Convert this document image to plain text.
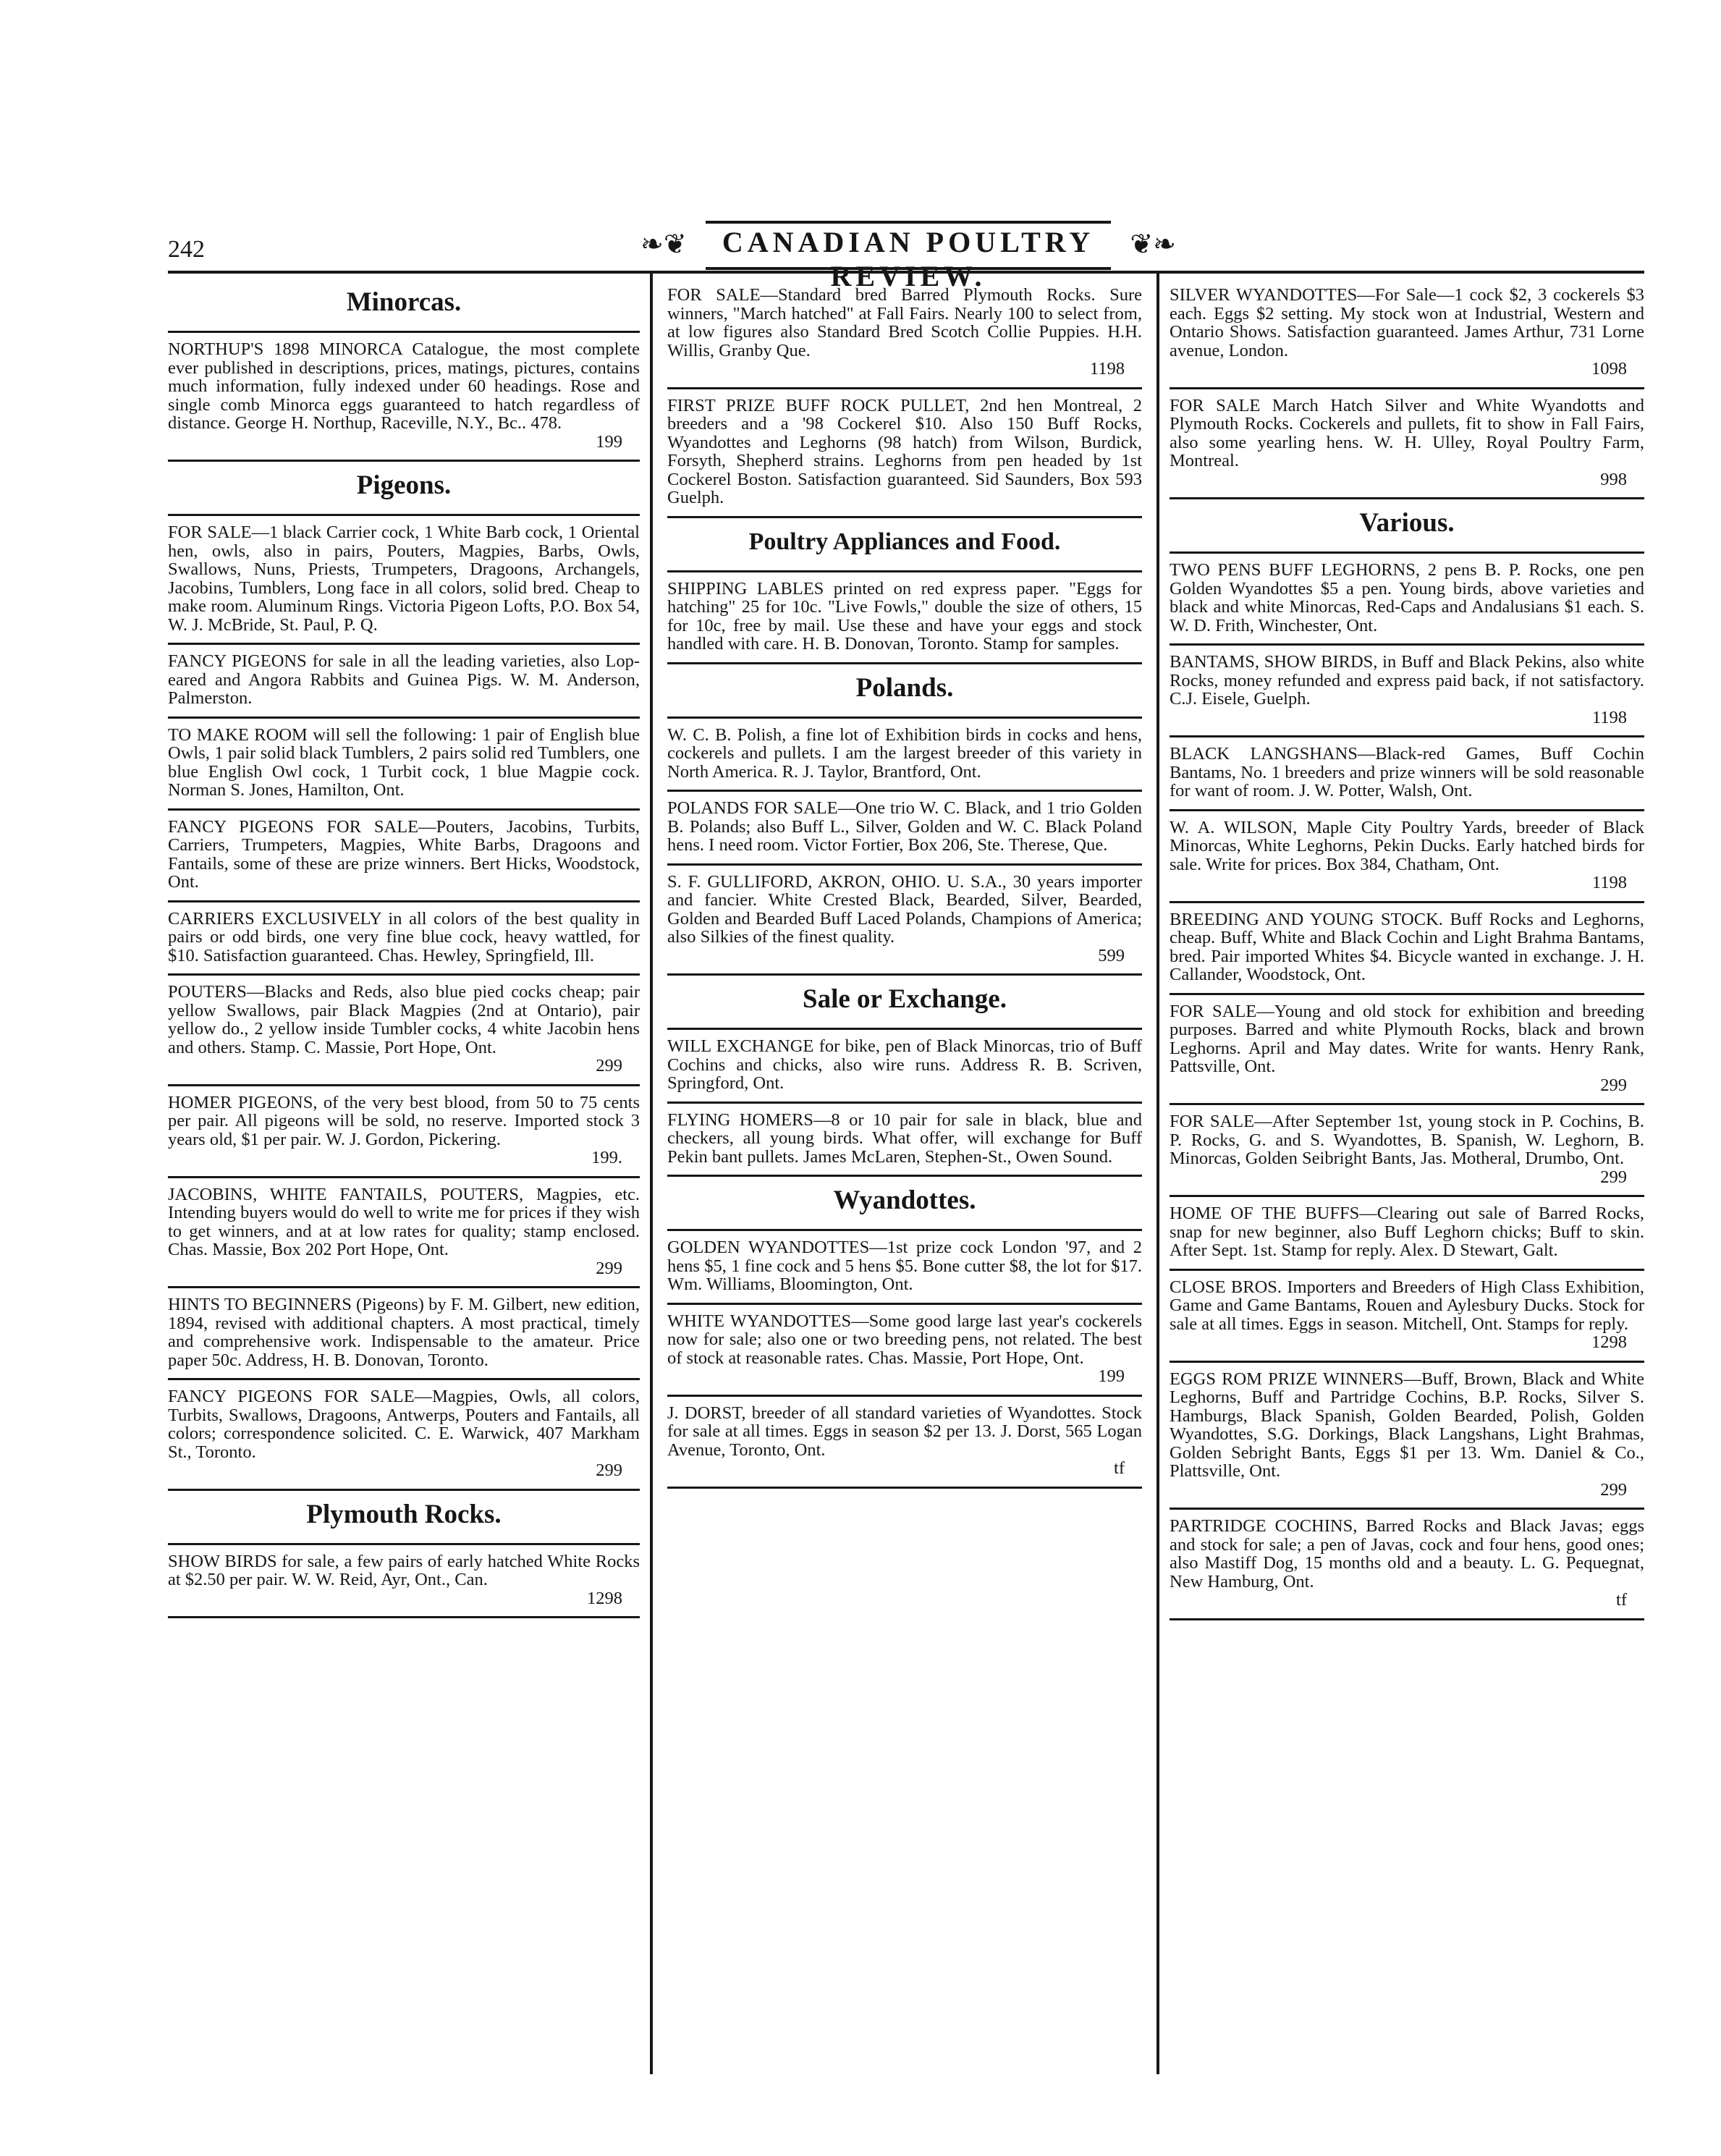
242	❧❦	CANADIAN POULTRY REVIEW.
❦❧
Minorcas.

NORTHUP'S 1898 MINORCA Catalogue, the most complete ever published in descriptions, prices, matings, pictures, contains much information, fully indexed under 60 headings. Rose and single comb Minorca eggs guaranteed to hatch regardless of distance. George H. Northup, Raceville, N.Y., Bc.. 478.

199
Pigeons.

FOR SALE—1 black Carrier cock, 1 White Barb cock, 1 Oriental hen, owls, also in pairs, Pouters, Magpies, Barbs, Owls, Swallows, Nuns, Priests, Trumpeters, Dragoons, Archangels, Jacobins, Tumblers, Long face in all colors, solid bred. Cheap to make room. Aluminum Rings. Victoria Pigeon Lofts, P.O. Box 54, W. J. McBride, St. Paul, P. Q.

FANCY PIGEONS for sale in all the leading varieties, also Lop-eared and Angora Rabbits and Guinea Pigs. W. M. Anderson, Palmerston.

TO MAKE ROOM will sell the following: 1 pair of English blue Owls, 1 pair solid black Tumblers, 2 pairs solid red Tumblers, one blue English Owl cock, 1 Turbit cock, 1 blue Magpie cock. Norman S. Jones, Hamilton, Ont.

FANCY PIGEONS FOR SALE—Pouters, Jacobins, Turbits, Carriers, Trumpeters, Magpies, White Barbs, Dragoons and Fantails, some of these are prize winners. Bert Hicks, Woodstock, Ont.

CARRIERS EXCLUSIVELY in all colors of the best quality in pairs or odd birds, one very fine blue cock, heavy wattled, for $10. Satisfaction guaranteed. Chas. Hewley, Springfield, Ill.

POUTERS—Blacks and Reds, also blue pied cocks cheap; pair yellow Swallows, pair Black Magpies (2nd at Ontario), pair yellow do., 2 yellow inside Tumbler cocks, 4 white Jacobin hens and others. Stamp. C. Massie, Port Hope, Ont.

299

HOMER PIGEONS, of the very best blood, from 50 to 75 cents per pair. All pigeons will be sold, no reserve. Imported stock 3 years old, $1 per pair. W. J. Gordon, Pickering.

199.

JACOBINS, WHITE FANTAILS, POUTERS, Magpies, etc. Intending buyers would do well to write me for prices if they wish to get winners, and at at low rates for quality; stamp enclosed. Chas. Massie, Box 202 Port Hope, Ont.

299

HINTS TO BEGINNERS (Pigeons) by F. M. Gilbert, new edition, 1894, revised with additional chapters. A most practical, timely and comprehensive work. Indispensable to the amateur. Price paper 50c. Address, H. B. Donovan, Toronto.

FANCY PIGEONS FOR SALE—Magpies, Owls, all colors, Turbits, Swallows, Dragoons, Antwerps, Pouters and Fantails, all colors; correspondence solicited. C. E. Warwick, 407 Markham St., Toronto.

299
Plymouth Rocks.

SHOW BIRDS for sale, a few pairs of early hatched White Rocks at $2.50 per pair. W. W. Reid, Ayr, Ont., Can.

1298

FOR SALE—Standard bred Barred Plymouth Rocks. Sure winners, "March hatched" at Fall Fairs. Nearly 100 to select from, at low figures also Standard Bred Scotch Collie Puppies. H.H. Willis, Granby Que.

1198

FIRST PRIZE BUFF ROCK PULLET, 2nd hen Montreal, 2 breeders and a '98 Cockerel $10. Also 150 Buff Rocks, Wyandottes and Leghorns (98 hatch) from Wilson, Burdick, Forsyth, Shepherd strains. Leghorns from pen headed by 1st Cockerel Boston. Satisfaction guaranteed. Sid Saunders, Box 593 Guelph.

Poultry Appliances and Food.

SHIPPING LABLES printed on red express paper. "Eggs for hatching" 25 for 10c. "Live Fowls," double the size of others, 15 for 10c, free by mail. Use these and have your eggs and stock handled with care. H. B. Donovan, Toronto. Stamp for samples.

Polands.

W. C. B. Polish, a fine lot of Exhibition birds in cocks and hens, cockerels and pullets. I am the largest breeder of this variety in North America. R. J. Taylor, Brantford, Ont.

POLANDS FOR SALE—One trio W. C. Black, and 1 trio Golden B. Polands; also Buff L., Silver, Golden and W. C. Black Poland hens. I need room. Victor Fortier, Box 206, Ste. Therese, Que.

S. F. GULLIFORD, AKRON, OHIO. U. S.A., 30 years importer and fancier. White Crested Black, Bearded, Silver, Bearded, Golden and Bearded Buff Laced Polands, Champions of America; also Silkies of the finest quality.

599
Sale or Exchange.

WILL EXCHANGE for bike, pen of Black Minorcas, trio of Buff Cochins and chicks, also wire runs. Address R. B. Scriven, Springford, Ont.

FLYING HOMERS—8 or 10 pair for sale in black, blue and checkers, all young birds. What offer, will exchange for Buff Pekin bant pullets. James McLaren, Stephen-St., Owen Sound.

Wyandottes.

GOLDEN WYANDOTTES—1st prize cock London '97, and 2 hens $5, 1 fine cock and 5 hens $5. Bone cutter $8, the lot for $17. Wm. Williams, Bloomington, Ont.

WHITE WYANDOTTES—Some good large last year's cockerels now for sale; also one or two breeding pens, not related. The best of stock at reasonable rates. Chas. Massie, Port Hope, Ont.

199

J. DORST, breeder of all standard varieties of Wyandottes. Stock for sale at all times. Eggs in season $2 per 13. J. Dorst, 565 Logan Avenue, Toronto, Ont.

tf

SILVER WYANDOTTES—For Sale—1 cock $2, 3 cockerels $3 each. Eggs $2 setting. My stock won at Industrial, Western and Ontario Shows. Satisfaction guaranteed. James Arthur, 731 Lorne avenue, London.

1098

FOR SALE March Hatch Silver and White Wyandotts and Plymouth Rocks. Cockerels and pullets, fit to show in Fall Fairs, also some yearling hens. W. H. Ulley, Royal Poultry Farm, Montreal.

998
Various.

TWO PENS BUFF LEGHORNS, 2 pens B. P. Rocks, one pen Golden Wyandottes $5 a pen. Young birds, above varieties and black and white Minorcas, Red-Caps and Andalusians $1 each. S. W. D. Frith, Winchester, Ont.

BANTAMS, SHOW BIRDS, in Buff and Black Pekins, also white Rocks, money refunded and express paid back, if not satisfactory. C.J. Eisele, Guelph.

1198

BLACK LANGSHANS—Black-red Games, Buff Cochin Bantams, No. 1 breeders and prize winners will be sold reasonable for want of room. J. W. Potter, Walsh, Ont.

W. A. WILSON, Maple City Poultry Yards, breeder of Black Minorcas, White Leghorns, Pekin Ducks. Early hatched birds for sale. Write for prices. Box 384, Chatham, Ont.

1198

BREEDING AND YOUNG STOCK. Buff Rocks and Leghorns, cheap. Buff, White and Black Cochin and Light Brahma Bantams, bred. Pair imported Whites $4. Bicycle wanted in exchange. J. H. Callander, Woodstock, Ont.

FOR SALE—Young and old stock for exhibition and breeding purposes. Barred and white Plymouth Rocks, black and brown Leghorns. April and May dates. Write for wants. Henry Rank, Pattsville, Ont.

299

FOR SALE—After September 1st, young stock in P. Cochins, B. P. Rocks, G. and S. Wyandottes, B. Spanish, W. Leghorn, B. Minorcas, Golden Seibright Bants, Jas. Motheral, Drumbo, Ont.

299

HOME OF THE BUFFS—Clearing out sale of Barred Rocks, snap for new beginner, also Buff Leghorn chicks; Buff to skin. After Sept. 1st. Stamp for reply. Alex. D Stewart, Galt.

CLOSE BROS. Importers and Breeders of High Class Exhibition, Game and Game Bantams, Rouen and Aylesbury Ducks. Stock for sale at all times. Eggs in season. Mitchell, Ont. Stamps for reply.

1298

EGGS ROM PRIZE WINNERS—Buff, Brown, Black and White Leghorns, Buff and Partridge Cochins, B.P. Rocks, Silver S. Hamburgs, Black Spanish, Golden Bearded, Polish, Golden Wyandottes, S.G. Dorkings, Black Langshans, Light Brahmas, Golden Sebright Bants, Eggs $1 per 13. Wm. Daniel & Co., Plattsville, Ont.

299

PARTRIDGE COCHINS, Barred Rocks and Black Javas; eggs and stock for sale; a pen of Javas, cock and four hens, good ones; also Mastiff Dog, 15 months old and a beauty. L. G. Pequegnat, New Hamburg, Ont.

tf
